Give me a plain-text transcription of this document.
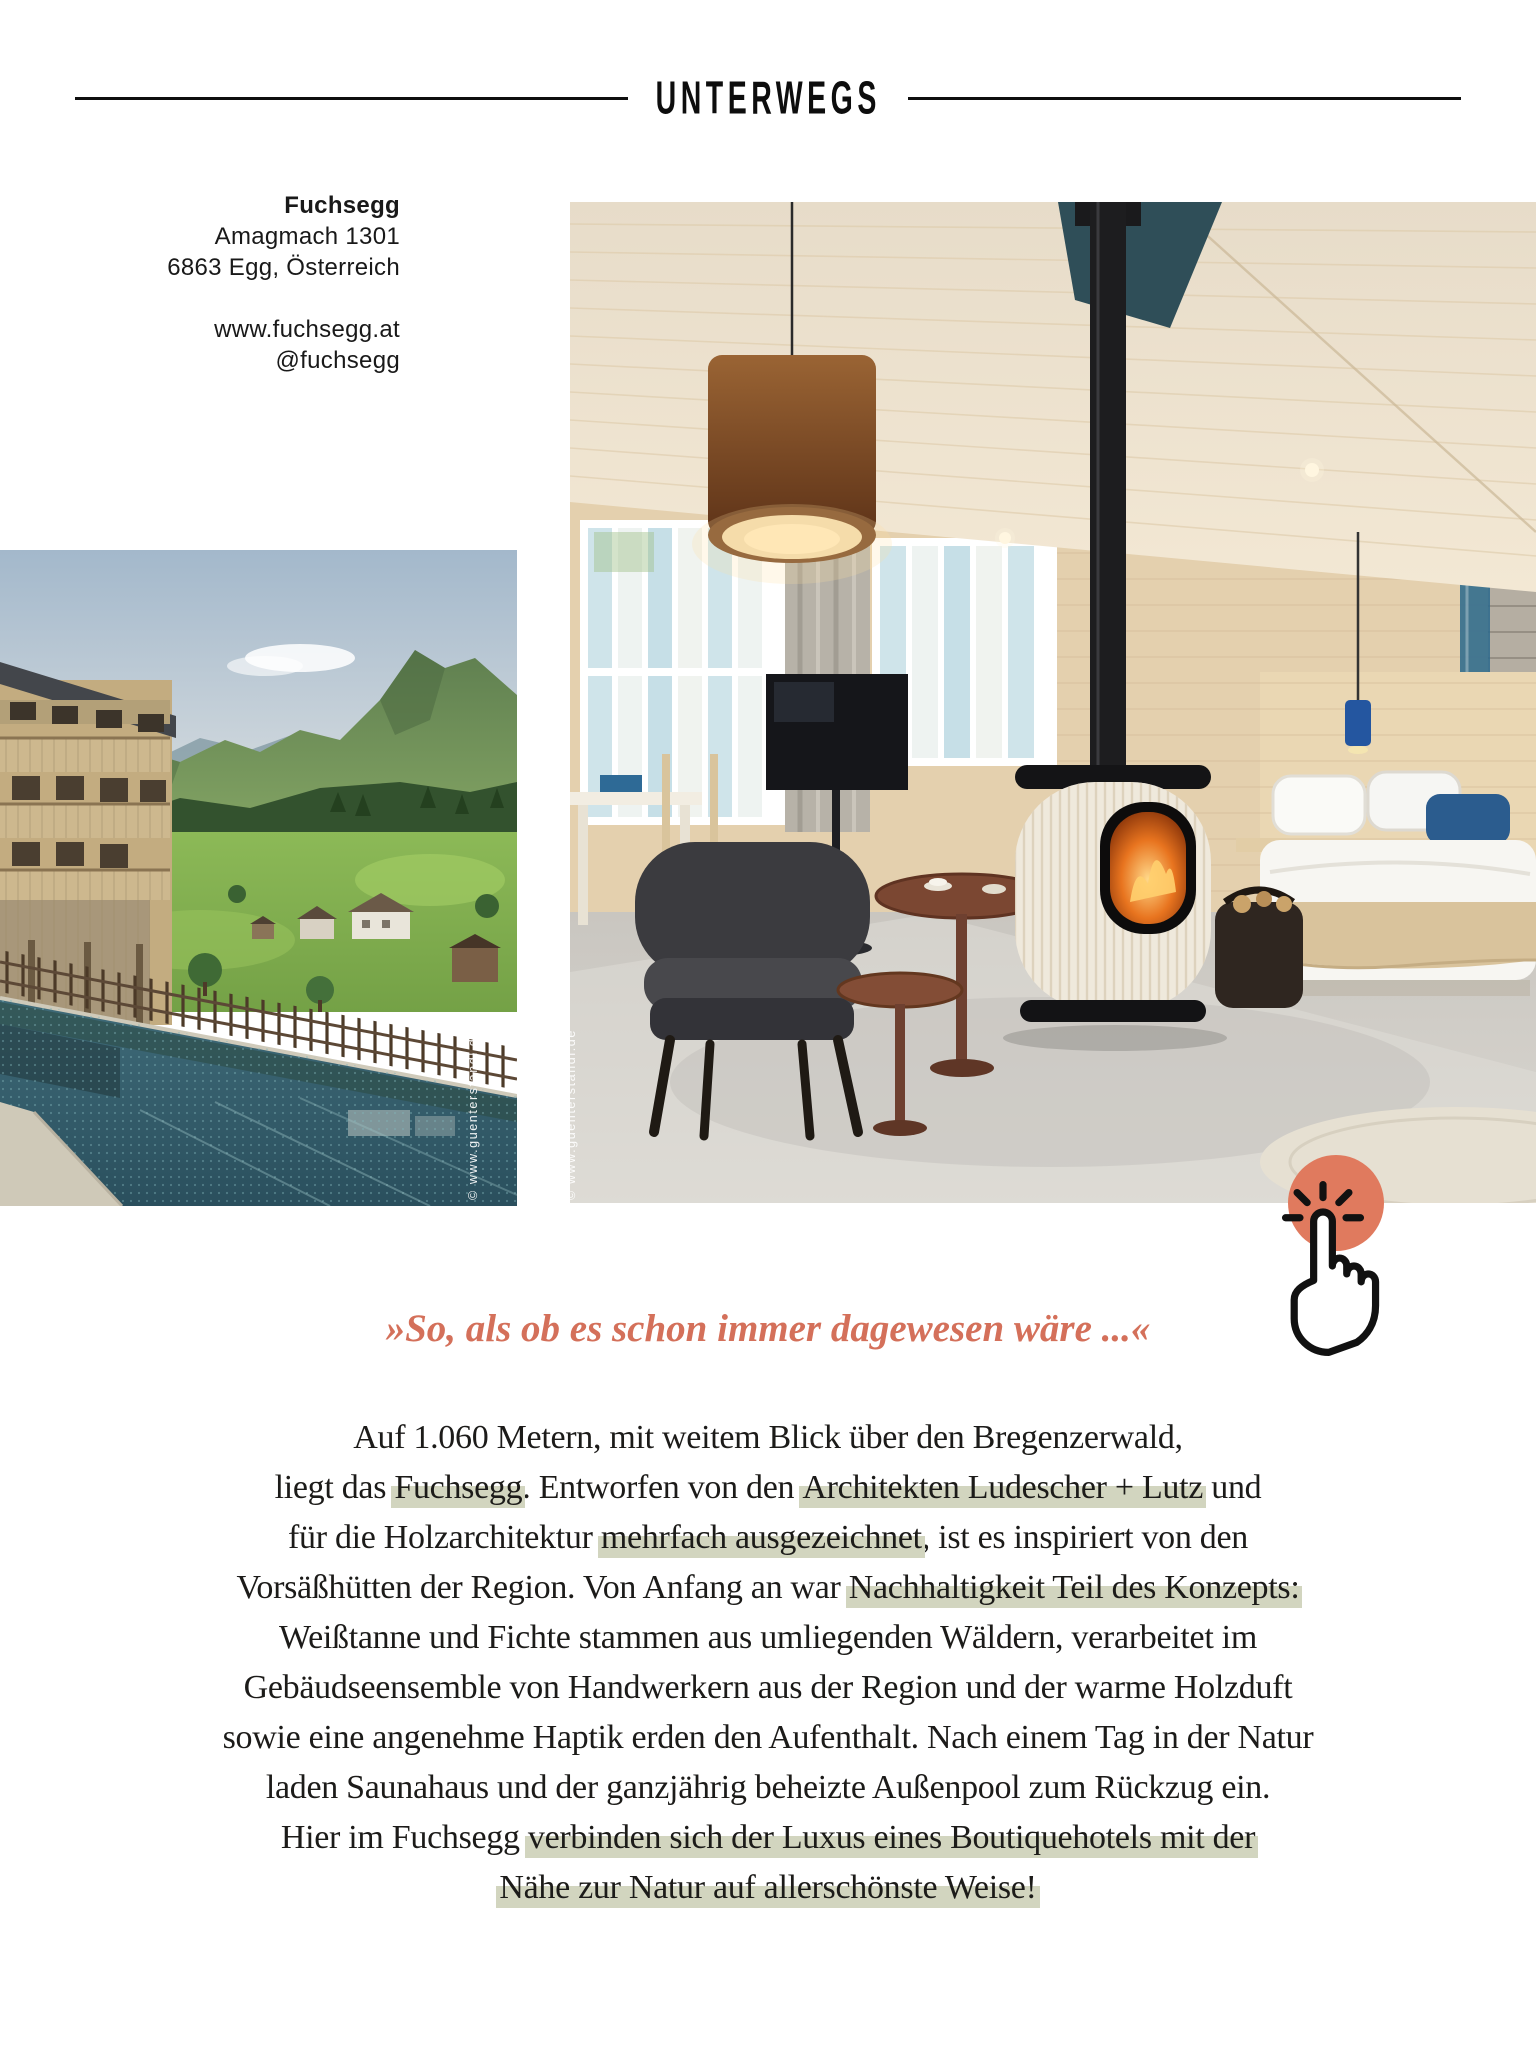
UNTERWEGS
Fuchsegg
Amagmach 1301
6863 Egg, Österreich
www.fuchsegg.at
@fuchsegg
© www.guenterstandl.de	© www.guenterstandl.de
»So, als ob es schon immer dagewesen wäre ...«
Auf 1.060 Metern, mit weitem Blick über den Bregenzerwald,
liegt das Fuchsegg. Entworfen von den Architekten Ludescher + Lutz und
für die Holzarchitektur mehrfach ausgezeichnet, ist es inspiriert von den
Vorsäßhütten der Region. Von Anfang an war Nachhaltigkeit Teil des Konzepts:
Weißtanne und Fichte stammen aus umliegenden Wäldern, verarbeitet im
Gebäudseensemble von Handwerkern aus der Region und der warme Holzduft
sowie eine angenehme Haptik erden den Aufenthalt. Nach einem Tag in der Natur
laden Saunahaus und der ganzjährig beheizte Außenpool zum Rückzug ein.
Hier im Fuchsegg verbinden sich der Luxus eines Boutiquehotels mit der
Nähe zur Natur auf allerschönste Weise!
